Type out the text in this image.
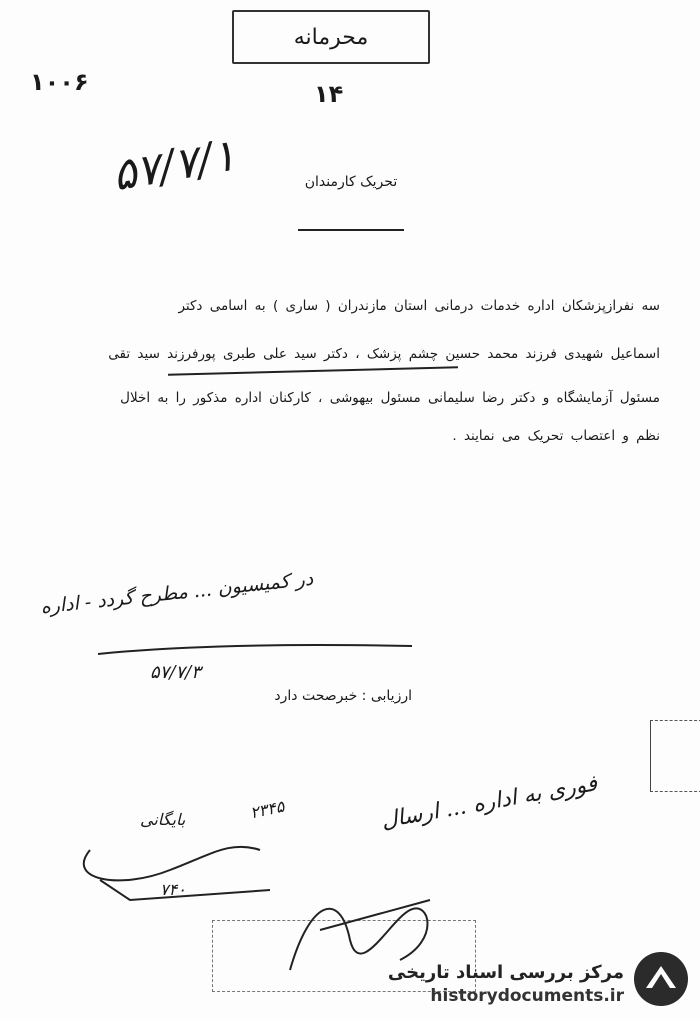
محرمانه
۱۰۰۶	۱۴
۵۷/۷/۱	تحریک کارمندان
سه نفرازپزشکان اداره خدمات درمانی استان مازندران ( ساری ) به اسامی دکتر
اسماعیل شهیدی فرزند محمد حسین چشم پزشک ، دکتر سید علی طبری پورفرزند سید تقی
مسئول آزمایشگاه و دکتر رضا سلیمانی مسئول بیهوشی ، کارکنان اداره مذکور را به اخلال
نظم و اعتصاب تحریک می نمایند .
در کمیسیون ... مطرح گردد - اداره
۵۷/۷/۳
ارزیابی : خبرصحت دارد
فوری به اداره ... ارسال
۲۳۴۵
بایگانی
۷۴۰
مرکز بررسی اسناد تاریخی
historydocuments.ir
